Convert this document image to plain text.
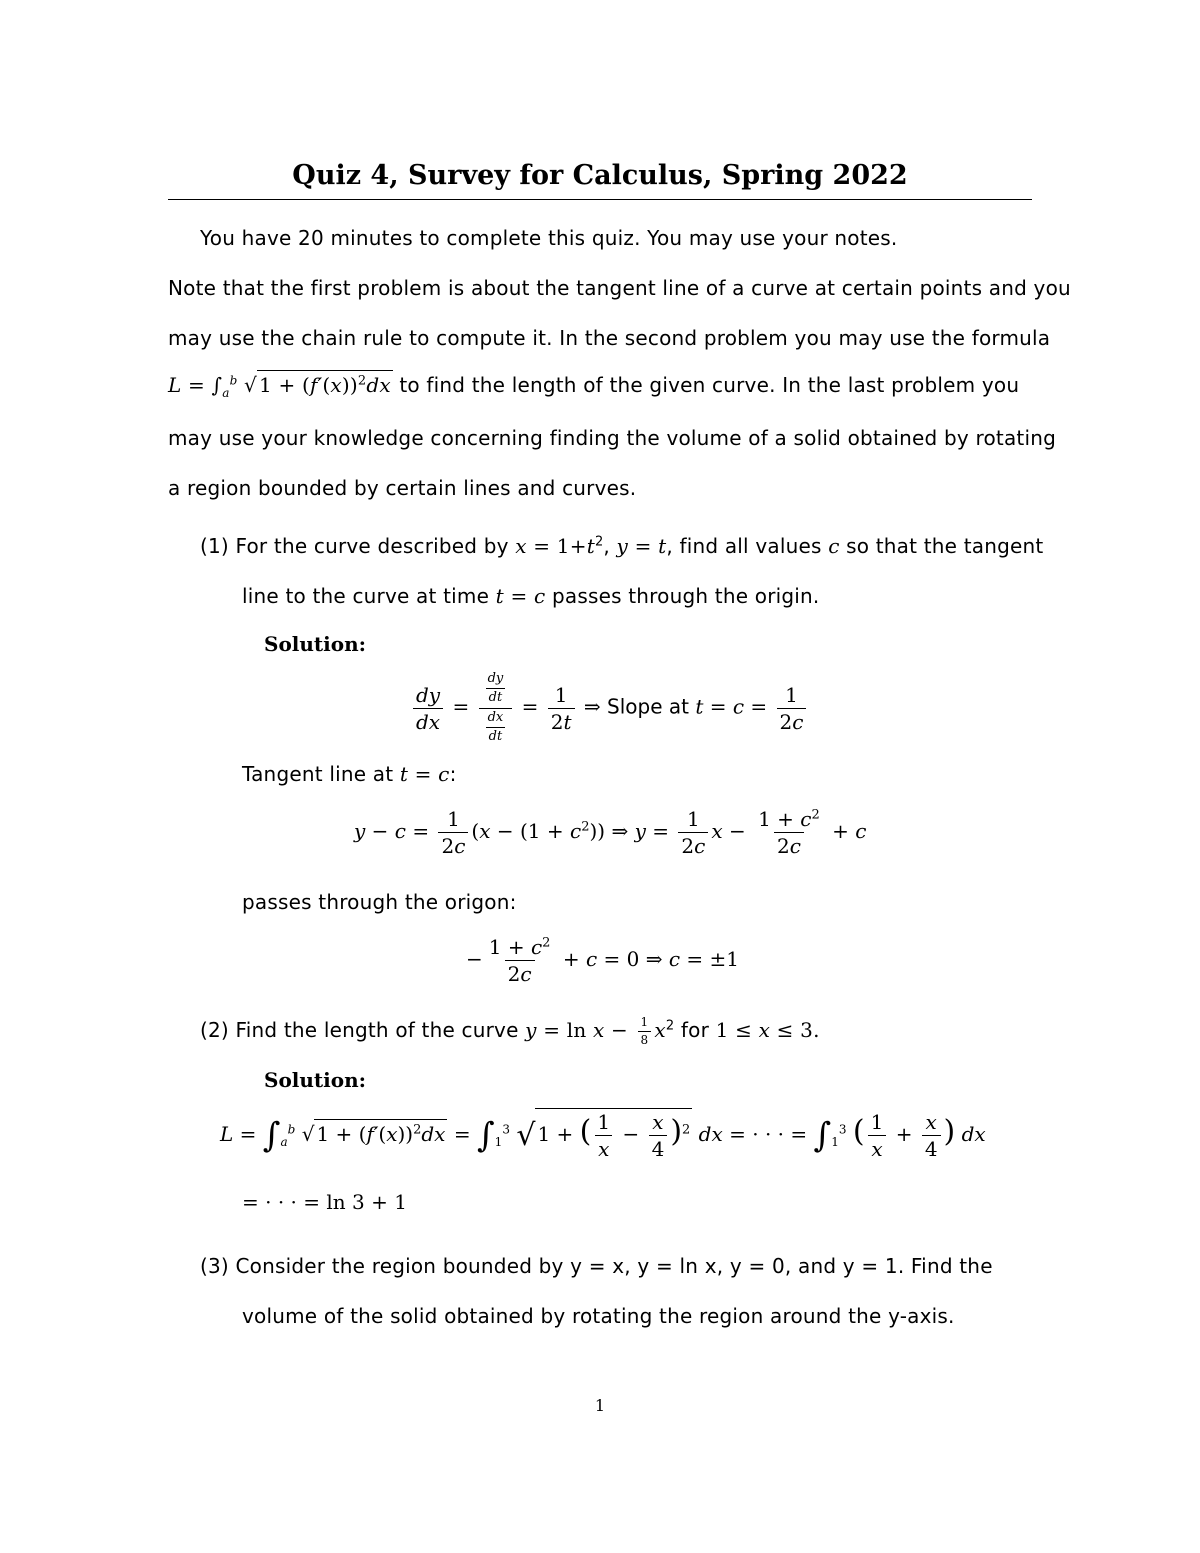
Quiz 4, Survey for Calculus, Spring 2022
You have 20 minutes to complete this quiz. You may use your notes.
Note that the first problem is about the tangent line of a curve at certain points and you
may use the chain rule to compute it. In the second problem you may use the formula
$L = \int_a^b$ √ $1 + (f'(x))^2dx$ to find the length of the given curve. In the last problem you
may use your knowledge concerning finding the volume of a solid obtained by rotating
a region bounded by certain lines and curves.
(1) For the curve described by $x = 1+t^2$, y = t, find all values c so that the tangent
line to the curve at time t = c passes through the origin.
Solution:
$\frac{dy}{dx} = \frac{\frac{dy}{dt}}{\frac{dx}{dt}} = \frac{1}{2t}$ ⇒ Slope at $t = c = \frac{1}{2c}$
Tangent line at t = c:
$y - c = \frac{1}{2c} (x - (1 + c^2))$ ⇒ $y = \frac{1}{2c}$ $x - \frac{1 + c^2}{2c} + c$
passes through the origon:
− $\frac{1 + c^2}{2c} + c = 0$ ⇒ c = ±1
(2) Find the length of the curve $y = \ln x - \frac{1}{8} x^2$ for 1 ≤ x ≤ 3.
Solution:
$L = \int_a^b$ √ $1 + (f'(x))^2dx = \int_1^3$ √ 1 + ( $\frac{1}{x} - \frac{x}{4} )^2$ dx = · · · = $\int_1^3$ ( $\frac{1}{x} + \frac{x}{4}$ ) dx
= · · · = ln 3 + 1
(3) Consider the region bounded by y = x, y = ln x, y = 0, and y = 1. Find the
volume of the solid obtained by rotating the region around the y-axis.
1
